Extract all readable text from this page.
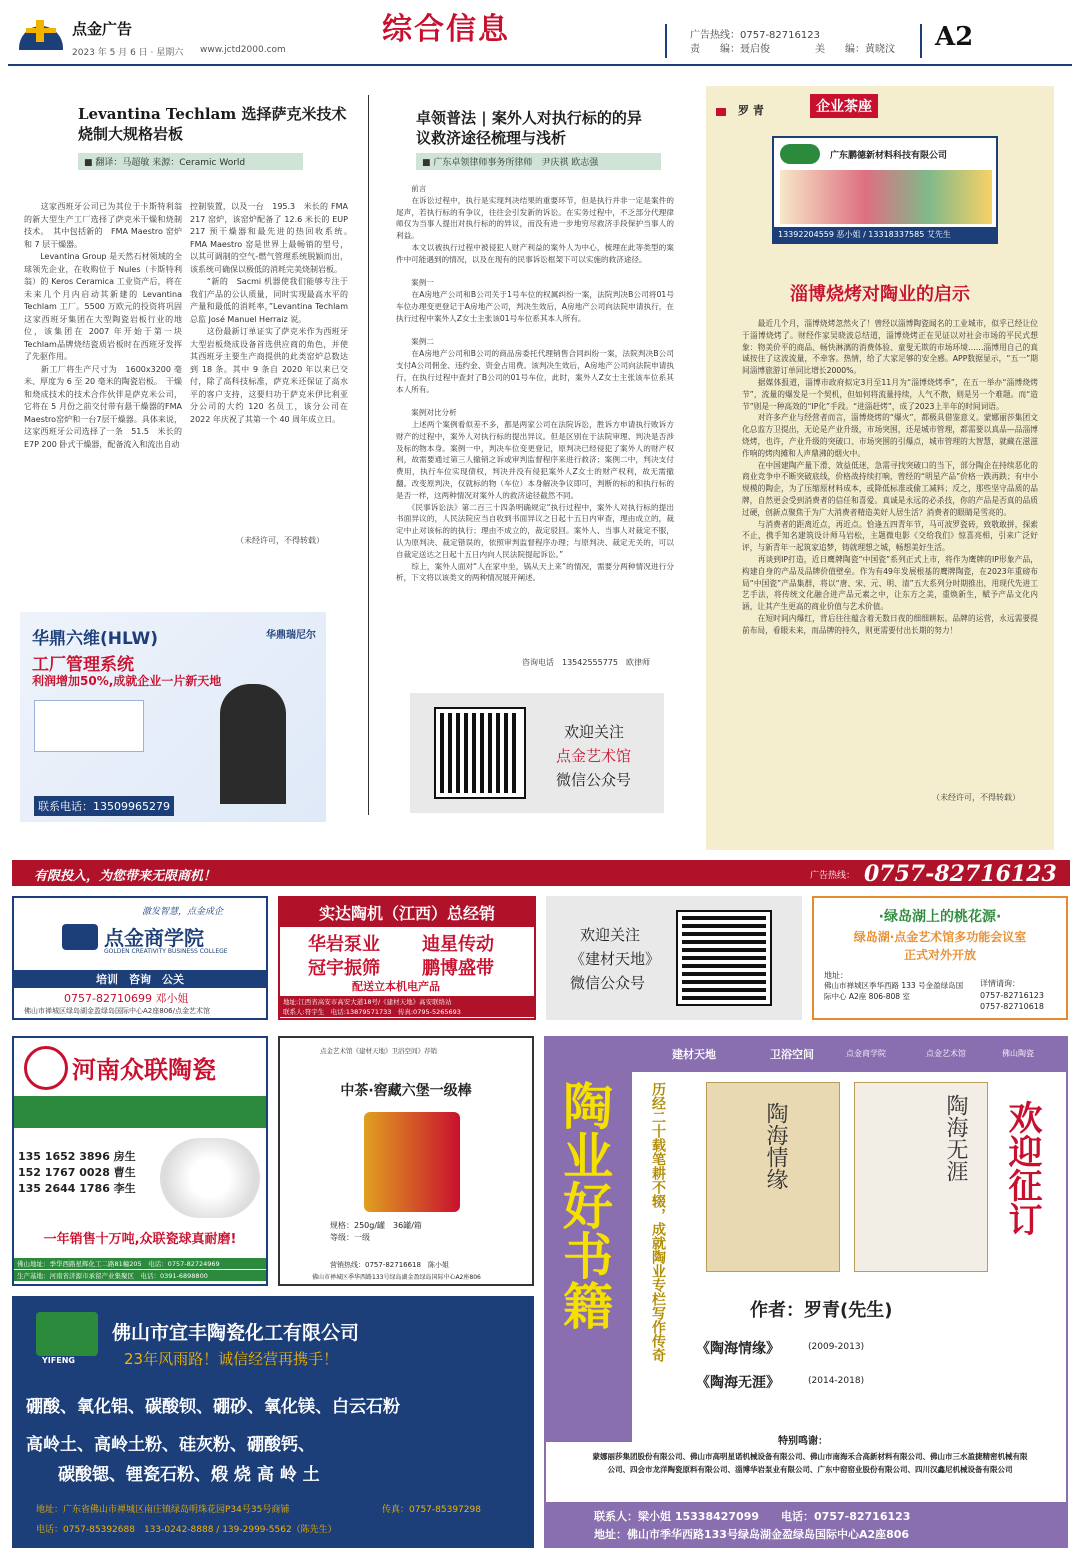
点金广告
2023 年 5 月 6 日 · 星期六 www.jctd2000.com
综合信息	广告热线：0757-82716123
责　　编：聂启俊	美　　编：黄晓汶 A2
Levantina Techlam 选择萨克米技术
烧制大规格岩板
■ 翻译：马超敏 来源：Ceramic World
　　这家西班牙公司已为其位于卡斯特利翁的新大型生产工厂选择了萨克米干燥和烧制技术。　其中包括新的　FMA Maestro 窑炉和 7 层干燥器。
　　Levantina Group 是天然石材领域的全球领先企业，在收购位于 Nules（卡斯特利翁）的 Keros Ceramica 工业资产后，将在未来几个月内启动其新建的 Levantina Techlam 工厂。5500 万欧元的投资将巩固这家西班牙集团在大型陶瓷岩板行业的地位，该集团在 2007 年开始于第一块 Techlam品牌烧结瓷质岩板时在西班牙发挥了先驱作用。
　　新工厂将生产尺寸为　1600x3200 毫米、厚度为 6 至 20 毫米的陶瓷岩板。　干燥和烧成技术的技术合作伙伴是萨克米公司，它将在 5 月份之前交付带有悬干燥器的FMA Maestro窑炉和一台7层干燥器。具体来说，这家西班牙公司选择了一条　51.5　米长的　E7P 200 卧式干燥器，配备流入和流出自动
控制装置，以及一台　195.3　米长的 FMA 217 窑炉，该窑炉配备了 12.6 米长的 EUP 217 预干燥器和最先进的热回收系统。　FMA Maestro 窑是世界上最畅销的型号，以其可调制的空气-燃气管理系统脱颖而出，该系统可确保以极低的消耗完美烧制岩板。
　　“新的　Sacmi 机器使我们能够专注于我们产品的公认质量，同时实现最高水平的产量和最低的消耗率，”Levantina Techlam 总监 José Manuel Herraiz 说。
　　这份最新订单证实了萨克米作为西班牙大型岩板烧成设备首选供应商的角色，并使其西班牙主要生产商提供的此类窑炉总数达到 18 条。其中 9 条自 2020 年以来已交付，除了高科技标准，萨克米还保证了高水平的客户支持，这要归功于萨克米伊比利亚分公司的大约 120 名员工，该分公司在 2022 年庆祝了其第一个 40 周年成立日。
（未经许可，不得转载）
华鼎六维(HLW)	华鼎瑞尼尔
工厂管理系统
利润增加50%,成就企业一片新天地
联系电话：13509965279
卓领普法 | 案外人对执行标的的异
议救济途径梳理与浅析
■ 广东卓领律师事务所律师　尹庆祺 欧志强
　　前言
　　在诉讼过程中，执行是实现判决结果的重要环节，但是执行并非一定是案件的尾声，若执行标的有争议，往往会引发新的诉讼。在实务过程中，不乏部分代理律师仅为当事人提出对执行标的的异议，而没有进一步地穷尽救济手段保护当事人的利益。
　　本文以被执行过程中被侵犯人财产利益的案外人为中心，梳理在此等类型的案件中可能遇到的情况，以及在现有的民事诉讼框架下可以实施的救济途径。

　　案例一
　　在A房地产公司和B公司关于1号车位的权属纠纷一案，法院判决B公司将01号车位办理变更登记于A房地产公司，判决生效后，A房地产公司向法院申请执行，在执行过程中案外人Z女士主张该01号车位系其本人所有。

　　案例二
　　在A房地产公司和B公司的商品房委托代理销售合同纠纷一案，法院判决B公司支付A公司佣金、违约金、资金占用费。该判决生效后，A房地产公司向法院申请执行，在执行过程中查封了B公司的01号车位，此时，案外人Z女士主张该车位系其本人所有。

　　案例对比分析
　　上述两个案例看似差不多，都是两家公司在法院诉讼，胜诉方申请执行败诉方财产的过程中，案外人对执行标的提出异议。但是区别在于法院审理、判决是否涉及标的物本身。案例一中，判决车位变更登记，原判决已经侵犯了案外人的财产权利，故需要通过第三人撤销之诉或审判监督程序来进行救济；案例二中，判决支付费用，执行车位实现债权，判决并没有侵犯案外人Z女士的财产权利，故无需撤翻。改变原判决，仅就标的物（车位）本身解决争议即可，判断的标的和执行标的是否一样，这两种情况对案外人的救济途径截然不同。
　　《民事诉讼法》第二百三十四条明确规定“执行过程中，案外人对执行标的提出书面异议的，人民法院应当自收到书面异议之日起十五日内审查，理由成立的，裁定中止对该标的的执行；理由不成立的，裁定驳回。案外人、当事人对裁定不服，认为原判决、裁定错误的，依照审判监督程序办理；与原判决、裁定无关的，可以自裁定送达之日起十五日内向人民法院提起诉讼。”
　　综上，案外人面对“人在家中坐，锅从天上来”的情况，需要分两种情况进行分析，下文将以该类文的两种情况展开阐述。
咨询电话　13542555775　欧律师
欢迎关注
点金艺术馆
微信公众号
罗 青	企业茶座
广东鹏德新材料科技有限公司
13392204559 恶小姐 / 13318337585 艾先生
淄博烧烤对陶业的启示
　　最近几个月，淄博烧烤忽然火了！曾经以淄博陶瓷闻名的工业城市，似乎已经让位于淄博烧烤了。财经作家吴晓波总结道，淄博烧烤正在见证以对社会市场的平民式想象：物美价平的商品、畅快淋漓的消费体验、童叟无欺的市场环境……淄博用自己的真诚按住了这波流量，不牵客。热情，给了大家足够的安全感。APP数据显示，“五一”期间淄博旅游订单同比增长2000%。
　　据媒体报道，淄博市政府拟定3月至11月为“淄博烧烤季”，在五一举办“淄博烧烤节”，流量的爆发是一个契机，但如何将流量持续，人气不散，则是另一个难题。而“造节”则是一种高效的“IP化”手段。“进淄赶烤”，成了2023上半年的时间词语。
　　对许多产业与经营者而言，淄博烧烤的“爆火”，都极具借鉴意义。蒙娜丽莎集团文化总监方卫提出，无论是产业升级，市场突围，还是城市管理，都需要以真品—品淄博烧烤，也许，产业升级的突破口、市场突围的引爆点，城市管理的大智慧，就藏在滋滋作响的烤肉摊和人声鼎沸的烟火中。
　　在中国建陶产量下滑、效益低迷，急需寻找突破口的当下，部分陶企在持续恶化的商业竞争中不断突破底线，价格战持续打响，曾经的“明星产品”价格一跌再跌；有中小规模的陶企，为了压缩原材料成本，或降低标准或偷工减料；反之，那些坚守品质的品牌，自然更会受到消费者的信任和喜爱。真诚是永远的必杀技，你的产品是否真的品质过硬，创新点聚焦于为广大消费者精造美好人居生活？消费者的眼睛是雪亮的。
　　与消费者的距离近点，再近点。恰逢五四青年节，马可波罗瓷砖，致敬敢拼，探索不止，携手知名建筑设计师马岩松，主题微电影《交给我们》惊喜亮相，引来广泛好评，与新青年一起筑家追梦，铸就理想之城，畅想美好生活。
　　再谈到IP打造，近日鹰牌陶瓷“中国瓷”系列正式上市，将作为鹰牌的IP形象产品，构建自身的产品及品牌价值壁垒。作为有49年发展根基的鹰牌陶瓷，在2023年重磅布局“中国瓷”产品集群，将以“唐、宋、元、明、清”五大系列分时期推出，用现代先进工艺手法，将传统文化融合进产品元素之中，让东方之美，重焕新生，赋予产品文化内涵，让其产生更高的商业价值与艺术价值。
　　在短时间内爆红，背后往往蕴含着无数日夜的细细耕耘。品牌的运营，永远需要提前布局，看眼未来，而品牌的持久，则更需要付出长期的努力！
（未经许可，不得转载）
有限投入，为您带来无限商机！	广告热线： 0757-82716123
激发智慧，点金成企
点金商学院
GOLDEN CREATIVITY BUSINESS COLLEGE
培训　咨询　公关
0757-82710699 邓小姐
佛山市禅城区绿岛湖金盈绿岛国际中心A2座806/点金艺术馆
实达陶机（江西）总经销
华岩泵业 迪星传动
冠宇振筛 鹏博盛带
配送立本机电产品
地址:江西省高安市高安大道18号/《建材天地》高安联络站
联系人:符宇生　电话:13879571733　传真:0795-5265693
欢迎关注
《建材天地》
微信公众号
·绿岛湖上的桃花源·
绿岛湖·点金艺术馆多功能会议室
正式对外开放
地址：
佛山市禅城区季华西路 133 号金盈绿岛国际中心 A2座 806-808 室
详情请询：
0757-82716123
0757-82710618
河南众联陶瓷
135 1652 3896 房生
152 1767 0028 曹生
135 2644 1786 李生
一年销售十万吨,众联瓷球真耐磨!
佛山地址：季华西路星辉化工二路81幢205　电话：0757-82724969
生产基地：河南省济源市承留产业集聚区　电话：0391-6898800
点金艺术馆《建材天地》卫浴空间》荐销
中茶·窖藏六堡一级棒
规格：250g/罐　36罐/箱
等级：一级
营销热线：0757-82716618　陈小姐
佛山市禅城区季华西路133号绿岛湖金盈绿岛国际中心A2座806
YIFENG
佛山市宜丰陶瓷化工有限公司
23年风雨路！诚信经营再携手！
硼酸、氧化铝、碳酸钡、硼砂、氧化镁、白云石粉
高岭土、高岭土粉、硅灰粉、硼酸钙、
碳酸锶、锂瓷石粉、煅 烧 高 岭 土
地址：广东省佛山市禅城区南庄镇绿岛明珠花园P34号35号商铺	传真：0757-85397298
电话：0757-85392688　133-0242-8888 / 139-2999-5562（陈先生）
建材天地	卫浴空间	点金商学院	点金艺术馆	佛山陶瓷
陶业好书籍	历经二十载笔耕不辍，成就陶业专栏写作传奇	陶海情缘	陶海无涯 欢迎征订
作者：罗青(先生)
《陶海情缘》	(2009-2013)
《陶海无涯》	(2014-2018)
特别鸣谢：
蒙娜丽莎集团股份有限公司、佛山市高明星诺机械设备有限公司、佛山市南海禾合高新材料有限公司、佛山市三水盈捷精密机械有限公司、四会市龙洋陶瓷原料有限公司、淄博华岩泵业有限公司、广东中窑窑业股份有限公司、四川汉鑫尼机械设备有限公司
联系人：梁小姐 15338427099　　电话：0757-82716123
地址：佛山市季华西路133号绿岛湖金盈绿岛国际中心A2座806
